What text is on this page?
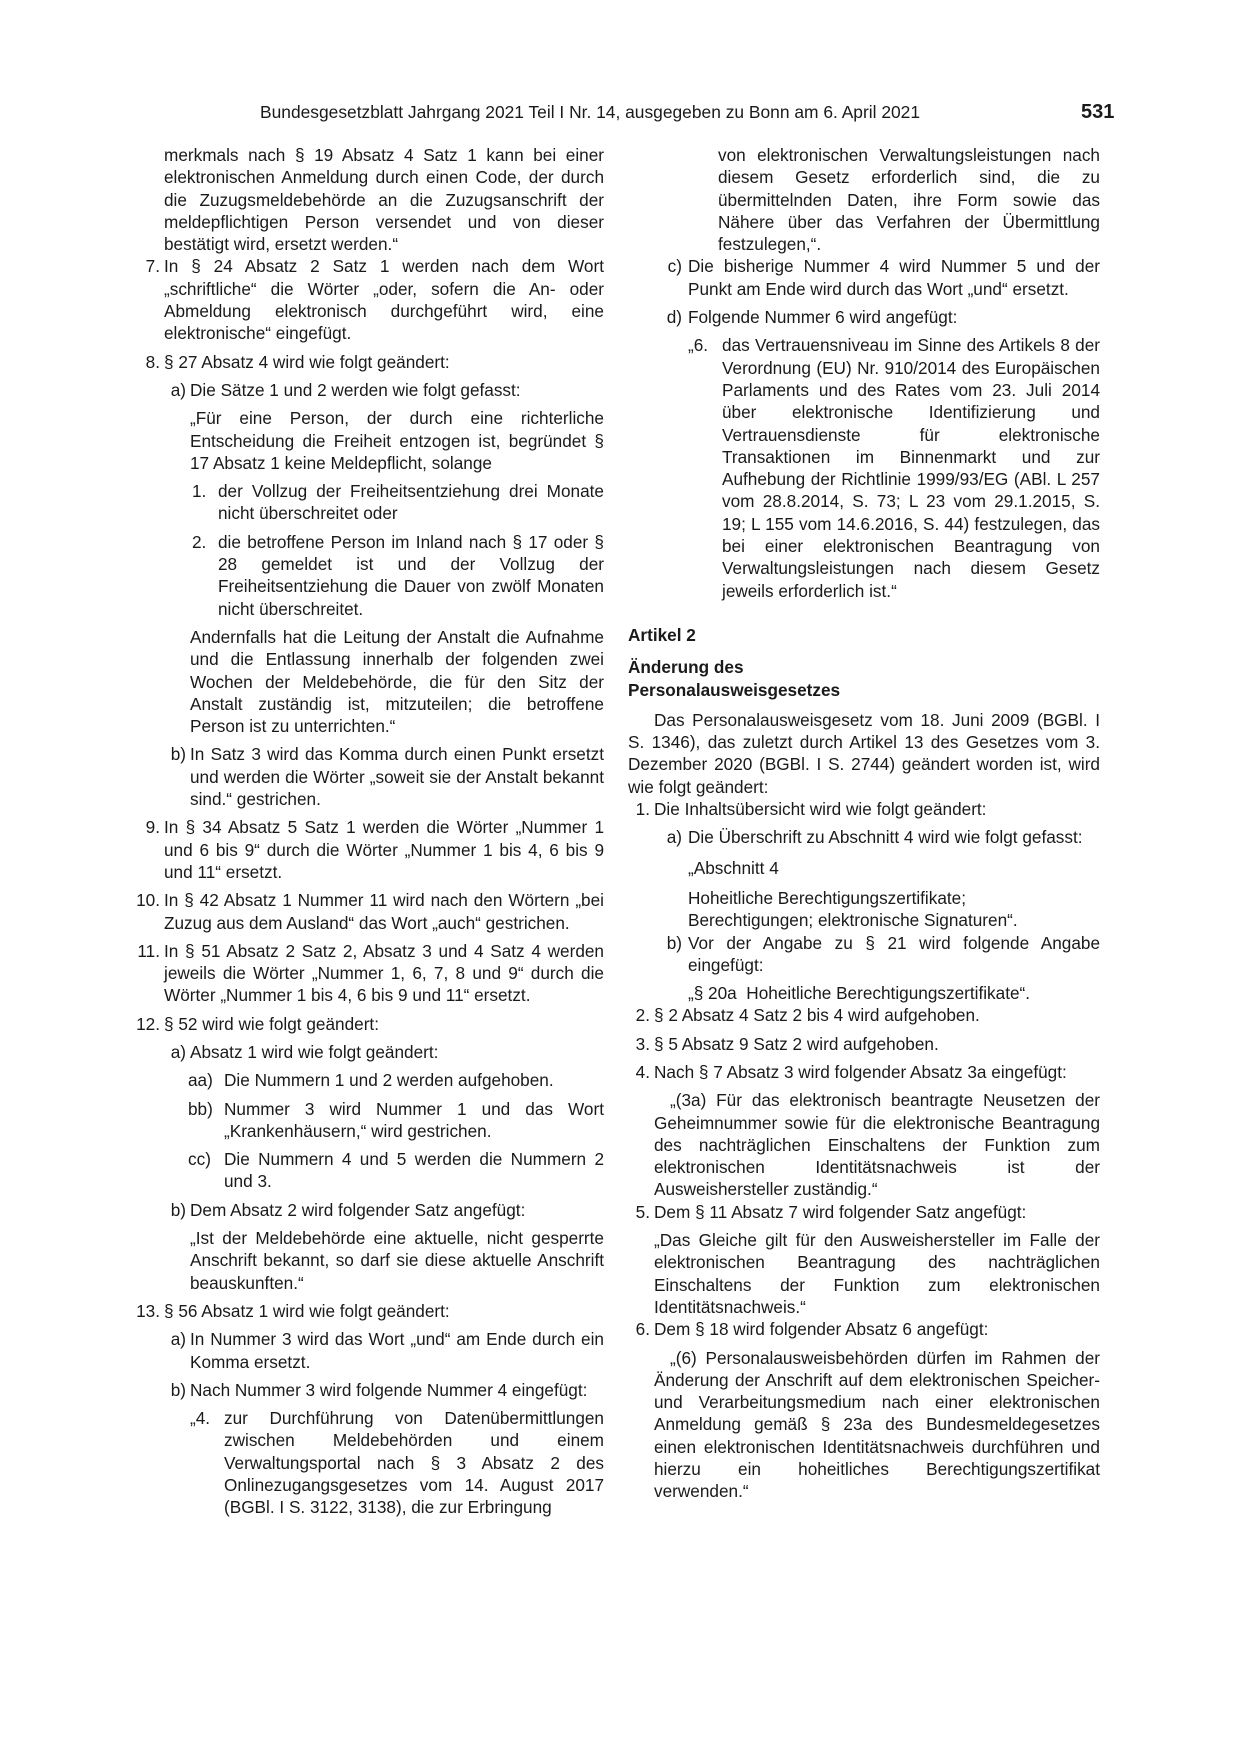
Bundesgesetzblatt Jahrgang 2021 Teil I Nr. 14, ausgegeben zu Bonn am 6. April 2021	531

merkmals nach § 19 Absatz 4 Satz 1 kann bei einer elektronischen Anmeldung durch einen Code, der durch die Zuzugsmeldebehörde an die Zuzugsanschrift der meldepflichtigen Person versendet und von dieser bestätigt wird, ersetzt werden.“

7. In § 24 Absatz 2 Satz 1 werden nach dem Wort „schriftliche“ die Wörter „oder, sofern die An- oder Abmeldung elektronisch durchgeführt wird, eine elektronische“ eingefügt.
8. § 27 Absatz 4 wird wie folgt geändert:
a) Die Sätze 1 und 2 werden wie folgt gefasst:
„Für eine Person, der durch eine richterliche Entscheidung die Freiheit entzogen ist, begründet § 17 Absatz 1 keine Meldepflicht, solange
1. der Vollzug der Freiheitsentziehung drei Monate nicht überschreitet oder
2. die betroffene Person im Inland nach § 17 oder § 28 gemeldet ist und der Vollzug der Freiheitsentziehung die Dauer von zwölf Monaten nicht überschreitet.
Andernfalls hat die Leitung der Anstalt die Aufnahme und die Entlassung innerhalb der folgenden zwei Wochen der Meldebehörde, die für den Sitz der Anstalt zuständig ist, mitzuteilen; die betroffene Person ist zu unterrichten.“
b) In Satz 3 wird das Komma durch einen Punkt ersetzt und werden die Wörter „soweit sie der Anstalt bekannt sind.“ gestrichen.
9. In § 34 Absatz 5 Satz 1 werden die Wörter „Nummer 1 und 6 bis 9“ durch die Wörter „Nummer 1 bis 4, 6 bis 9 und 11“ ersetzt.
10. In § 42 Absatz 1 Nummer 11 wird nach den Wörtern „bei Zuzug aus dem Ausland“ das Wort „auch“ gestrichen.
11. In § 51 Absatz 2 Satz 2, Absatz 3 und 4 Satz 4 werden jeweils die Wörter „Nummer 1, 6, 7, 8 und 9“ durch die Wörter „Nummer 1 bis 4, 6 bis 9 und 11“ ersetzt.
12. § 52 wird wie folgt geändert:
a) Absatz 1 wird wie folgt geändert:
aa) Die Nummern 1 und 2 werden aufgehoben.
bb) Nummer 3 wird Nummer 1 und das Wort „Krankenhäusern,“ wird gestrichen.
cc) Die Nummern 4 und 5 werden die Nummern 2 und 3.
b) Dem Absatz 2 wird folgender Satz angefügt:
„Ist der Meldebehörde eine aktuelle, nicht gesperrte Anschrift bekannt, so darf sie diese aktuelle Anschrift beauskunften.“
13. § 56 Absatz 1 wird wie folgt geändert:
a) In Nummer 3 wird das Wort „und“ am Ende durch ein Komma ersetzt.
b) Nach Nummer 3 wird folgende Nummer 4 eingefügt:
„4. zur Durchführung von Datenübermittlungen zwischen Meldebehörden und einem Verwaltungsportal nach § 3 Absatz 2 des Onlinezugangsgesetzes vom 14. August 2017 (BGBl. I S. 3122, 3138), die zur Erbringung

von elektronischen Verwaltungsleistungen nach diesem Gesetz erforderlich sind, die zu übermittelnden Daten, ihre Form sowie das Nähere über das Verfahren der Übermittlung festzulegen,“.

c) Die bisherige Nummer 4 wird Nummer 5 und der Punkt am Ende wird durch das Wort „und“ ersetzt.
d) Folgende Nummer 6 wird angefügt:
„6. das Vertrauensniveau im Sinne des Artikels 8 der Verordnung (EU) Nr. 910/2014 des Europäischen Parlaments und des Rates vom 23. Juli 2014 über elektronische Identifizierung und Vertrauensdienste für elektronische Transaktionen im Binnenmarkt und zur Aufhebung der Richtlinie 1999/93/EG (ABl. L 257 vom 28.8.2014, S. 73; L 23 vom 29.1.2015, S. 19; L 155 vom 14.6.2016, S. 44) festzulegen, das bei einer elektronischen Beantragung von Verwaltungsleistungen nach diesem Gesetz jeweils erforderlich ist.“

Artikel 2

Änderung des

Personalausweisgesetzes

Das Personalausweisgesetz vom 18. Juni 2009 (BGBl. I S. 1346), das zuletzt durch Artikel 13 des Gesetzes vom 3. Dezember 2020 (BGBl. I S. 2744) geändert worden ist, wird wie folgt geändert:

1. Die Inhaltsübersicht wird wie folgt geändert:
a) Die Überschrift zu Abschnitt 4 wird wie folgt gefasst:

„Abschnitt 4

Hoheitliche Berechtigungszertifikate;

Berechtigungen; elektronische Signaturen“.

b) Vor der Angabe zu § 21 wird folgende Angabe eingefügt:

„§ 20a  Hoheitliche Berechtigungszertifikate“.

2. § 2 Absatz 4 Satz 2 bis 4 wird aufgehoben.
3. § 5 Absatz 9 Satz 2 wird aufgehoben.
4. Nach § 7 Absatz 3 wird folgender Absatz 3a eingefügt:

„(3a) Für das elektronisch beantragte Neusetzen der Geheimnummer sowie für die elektronische Beantragung des nachträglichen Einschaltens der Funktion zum elektronischen Identitätsnachweis ist der Ausweishersteller zuständig.“

5. Dem § 11 Absatz 7 wird folgender Satz angefügt:

„Das Gleiche gilt für den Ausweishersteller im Falle der elektronischen Beantragung des nachträglichen Einschaltens der Funktion zum elektronischen Identitätsnachweis.“

6. Dem § 18 wird folgender Absatz 6 angefügt:

„(6) Personalausweisbehörden dürfen im Rahmen der Änderung der Anschrift auf dem elektronischen Speicher- und Verarbeitungsmedium nach einer elektronischen Anmeldung gemäß § 23a des Bundesmeldegesetzes einen elektronischen Identitätsnachweis durchführen und hierzu ein hoheitliches Berechtigungszertifikat verwenden.“
